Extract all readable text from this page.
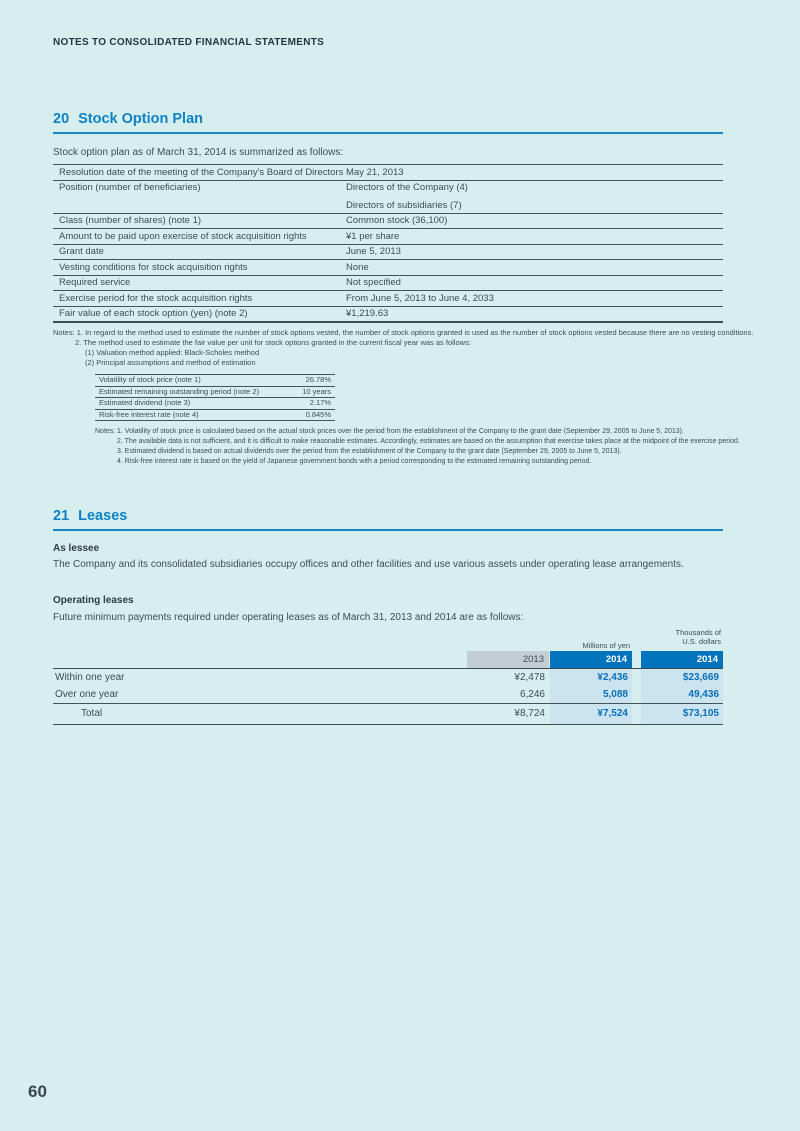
NOTES TO CONSOLIDATED FINANCIAL STATEMENTS
20 Stock Option Plan
Stock option plan as of March 31, 2014 is summarized as follows:
Resolution date of the meeting of the Company's Board of Directors May 21, 2013
Position (number of beneficiaries)	Directors of the Company (4)
Directors of subsidiaries (7)
Class (number of shares) (note 1)	Common stock (36,100)
Amount to be paid upon exercise of stock acquisition rights	¥1 per share
Grant date	June 5, 2013
Vesting conditions for stock acquisition rights	None
Required service	Not specified
Exercise period for the stock acquisition rights	From June 5, 2013 to June 4, 2033
Fair value of each stock option (yen) (note 2)	¥1,219.63
Notes: 1. In regard to the method used to estimate the number of stock options vested, the number of stock options granted is used as the number of stock options vested because there are no vesting conditions.
2. The method used to estimate the fair value per unit for stock options granted in the current fiscal year was as follows:
(1) Valuation method applied: Black-Scholes method
(2) Principal assumptions and method of estimation
Volatility of stock price (note 1)	26.78%
Estimated remaining outstanding period (note 2)	10 years
Estimated dividend (note 3)	2.17%
Risk-free interest rate (note 4)	0.845%
Notes: 1. Volatility of stock price is calculated based on the actual stock prices over the period from the establishment of the Company to the grant date (September 29, 2005 to June 5, 2013).
2. The available data is not sufficient, and it is difficult to make reasonable estimates. Accordingly, estimates are based on the assumption that exercise takes place at the midpoint of the exercise period.
3. Estimated dividend is based on actual dividends over the period from the establishment of the Company to the grant date (September 29, 2005 to June 5, 2013).
4. Risk-free interest rate is based on the yield of Japanese government bonds with a period corresponding to the estimated remaining outstanding period.
21 Leases
As lessee
The Company and its consolidated subsidiaries occupy offices and other facilities and use various assets under operating lease arrangements.
Operating leases
Future minimum payments required under operating leases as of March 31, 2013 and 2014 are as follows:
Thousands of
U.S. dollars
Millions of yen
2013	2014	2014
Within one year	¥2,478	¥2,436	$23,669
Over one year	6,246	5,088	49,436
Total	¥8,724	¥7,524	$73,105
60
